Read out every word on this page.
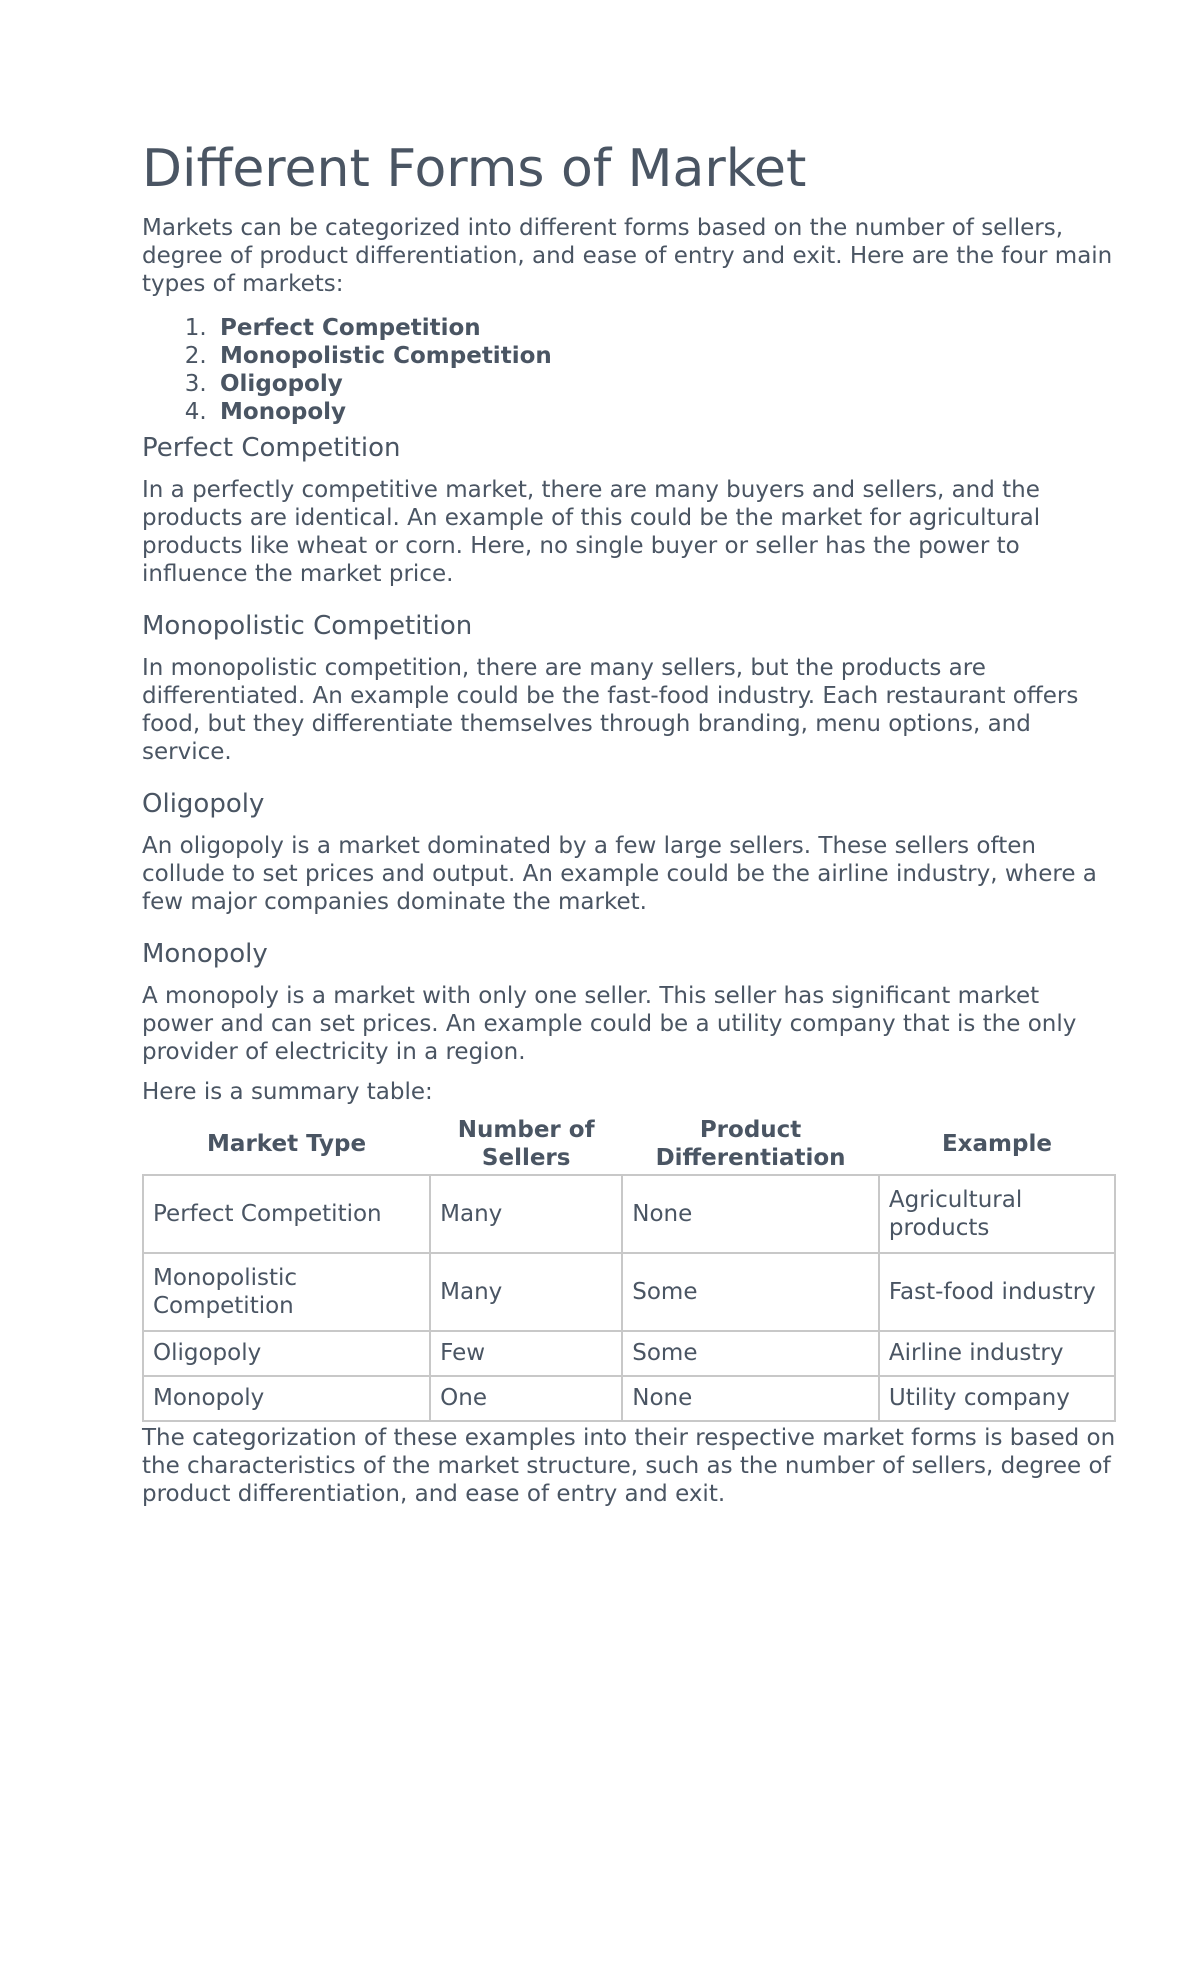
Different Forms of Market

Markets can be categorized into different forms based on the number of sellers, degree of product differentiation, and ease of entry and exit. Here are the four main types of markets:

1. Perfect Competition
2. Monopolistic Competition
3. Oligopoly
4. Monopoly
Perfect Competition

In a perfectly competitive market, there are many buyers and sellers, and the products are identical. An example of this could be the market for agricultural products like wheat or corn. Here, no single buyer or seller has the power to influence the market price.

Monopolistic Competition

In monopolistic competition, there are many sellers, but the products are differentiated. An example could be the fast-food industry. Each restaurant offers food, but they differentiate themselves through branding, menu options, and service.

Oligopoly

An oligopoly is a market dominated by a few large sellers. These sellers often collude to set prices and output. An example could be the airline industry, where a few major companies dominate the market.

Monopoly

A monopoly is a market with only one seller. This seller has significant market power and can set prices. An example could be a utility company that is the only provider of electricity in a region.

Here is a summary table:

Market Type	Number of Sellers	Product Differentiation	Example
Perfect Competition	Many	None	Agricultural products
Monopolistic Competition	Many	Some	Fast-food industry
Oligopoly	Few	Some	Airline industry
Monopoly	One	None	Utility company

The categorization of these examples into their respective market forms is based on the characteristics of the market structure, such as the number of sellers, degree of product differentiation, and ease of entry and exit.
